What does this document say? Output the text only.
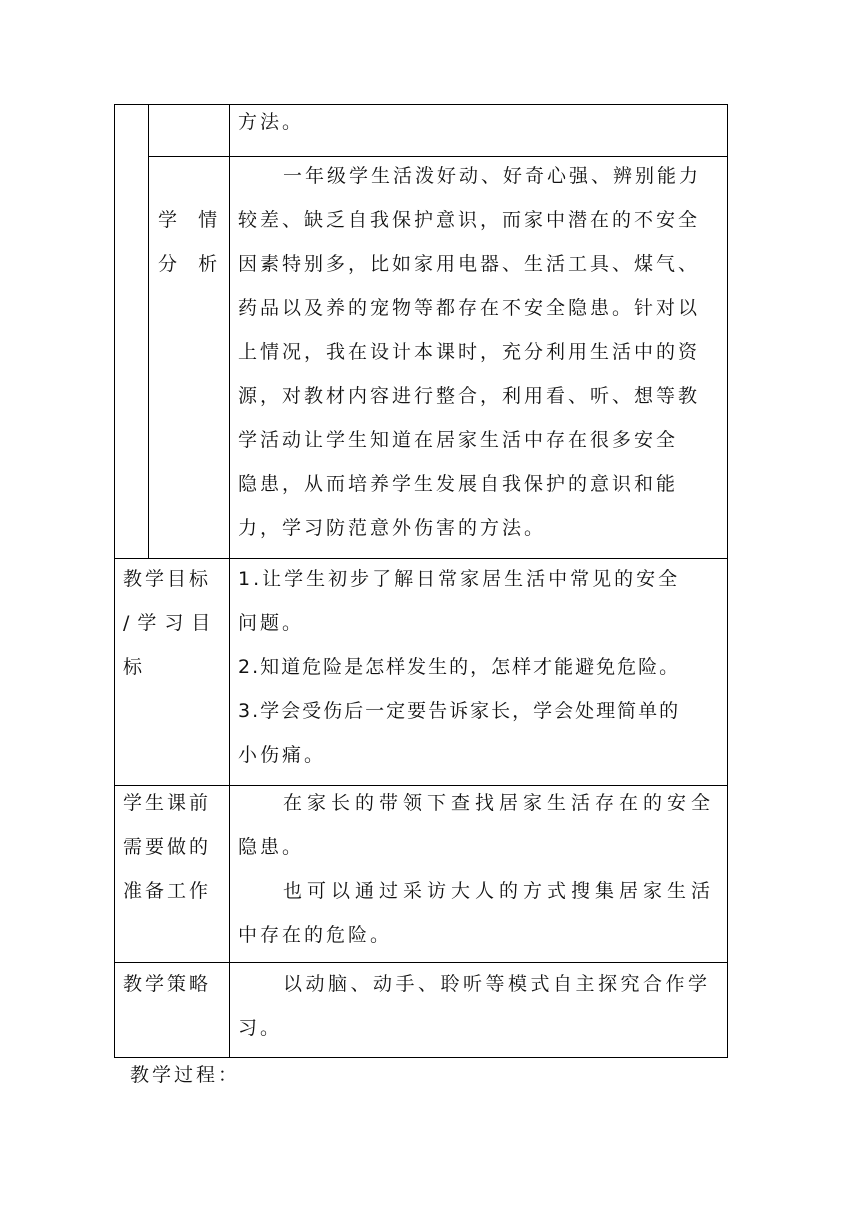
方法。
学  情
分  析
一年级学生活泼好动、好奇心强、辨别能力
较差、缺乏自我保护意识，而家中潜在的不安全
因素特别多，比如家用电器、生活工具、煤气、
药品以及养的宠物等都存在不安全隐患。针对以
上情况，我在设计本课时，充分利用生活中的资
源，对教材内容进行整合，利用看、听、想等教
学活动让学生知道在居家生活中存在很多安全
隐患，从而培养学生发展自我保护的意识和能
力，学习防范意外伤害的方法。
教学目标
/学习目
标
1.让学生初步了解日常家居生活中常见的安全
问题。
2.知道危险是怎样发生的，怎样才能避免危险。
3.学会受伤后一定要告诉家长，学会处理简单的
小伤痛。
学生课前
需要做的
准备工作
在家长的带领下查找居家生活存在的安全
隐患。
也可以通过采访大人的方式搜集居家生活
中存在的危险。
教学策略	以动脑、动手、聆听等模式自主探究合作学
习。
教学过程：
